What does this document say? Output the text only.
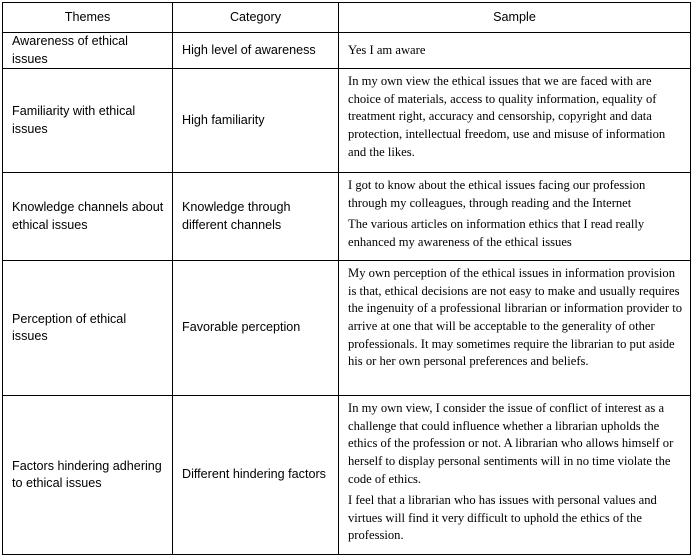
Themes	Category	Sample
Awareness of ethical issues	High level of awareness	Yes I am aware

Familiarity with ethical issues	High familiarity	In my own view the ethical issues that we are faced with are choice of materials, access to quality information, equality of treatment right, accuracy and censorship, copyright and data protection, intellectual freedom, use and misuse of information and the likes.

Knowledge channels about ethical issues	Knowledge through different channels	I got to know about the ethical issues facing our profession through my colleagues, through reading and the Internet

The various articles on information ethics that I read really enhanced my awareness of the ethical issues

Perception of ethical issues	Favorable perception	My own perception of the ethical issues in information provision is that, ethical decisions are not easy to make and usually requires the ingenuity of a professional librarian or information provider to arrive at one that will be acceptable to the generality of other professionals. It may sometimes require the librarian to put aside his or her own personal preferences and beliefs.

Factors hindering adhering to ethical issues	Different hindering factors	In my own view, I consider the issue of conflict of interest as a challenge that could influence whether a librarian upholds the ethics of the profession or not. A librarian who allows himself or herself to display personal sentiments will in no time violate the code of ethics.

I feel that a librarian who has issues with personal values and virtues will find it very difficult to uphold the ethics of the profession.
